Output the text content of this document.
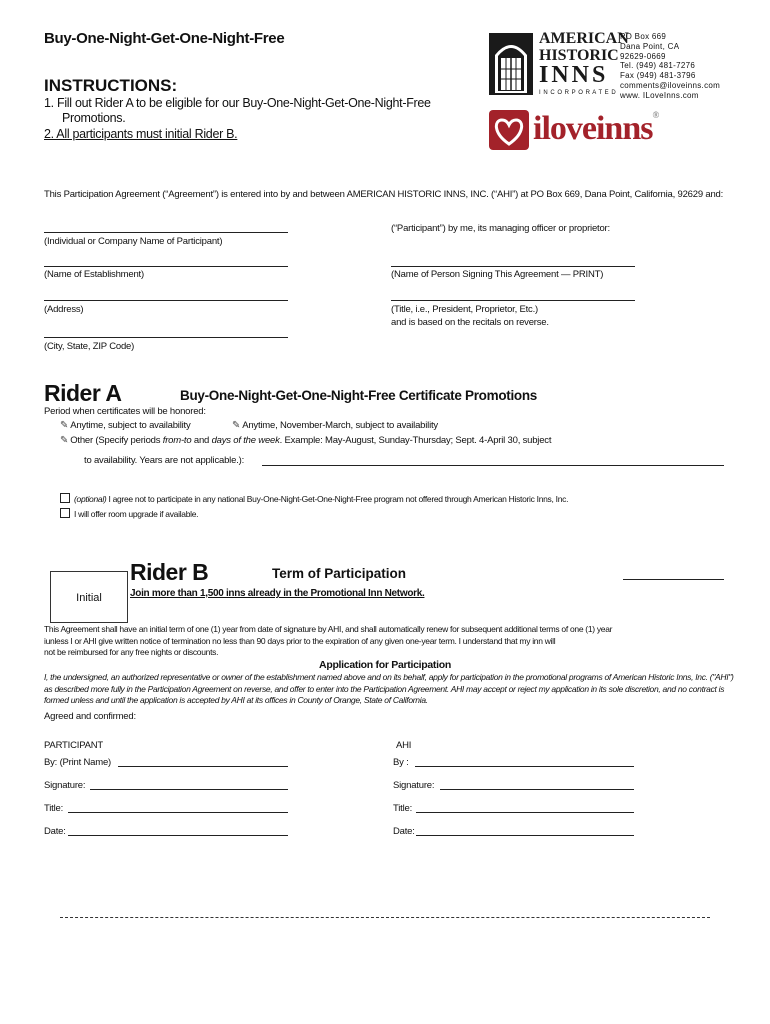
Buy-One-Night-Get-One-Night-Free
INSTRUCTIONS:
1. Fill out Rider A to be eligible for our Buy-One-Night-Get-One-Night-Free
Promotions.
2. All participants must initial Rider B.
AMERICAN
HISTORIC
INNS
I N C O R P O R A T E D
PO Box 669
Dana Point, CA
92629-0669
Tel. (949) 481-7276
Fax (949) 481-3796
comments@iloveinns.com
www. ILoveInns.com
iloveinns®
This Participation Agreement (“Agreement”) is entered into by and between AMERICAN HISTORIC INNS, INC. (“AHI”) at PO Box 669, Dana Point, California, 92629 and:
(“Participant”) by me, its managing officer or proprietor:
(Individual or Company Name of Participant)
(Name of Establishment)	(Name of Person Signing This Agreement — PRINT)
(Address)	(Title, i.e., President, Proprietor, Etc.)
and is based on the recitals on reverse.
(City, State, ZIP Code)
Rider A	Buy-One-Night-Get-One-Night-Free Certificate Promotions
Period when certificates will be honored:
✎ Anytime, subject to availability	✎ Anytime, November-March, subject to availability
✎ Other (Specify periods from-to and days of the week. Example: May-August, Sunday-Thursday; Sept. 4-April 30, subject
to availability. Years are not applicable.):
(optional) I agree not to participate in any national Buy-One-Night-Get-One-Night-Free program not offered through American Historic Inns, Inc.
I will offer room upgrade if available.
Initial
Rider B	Term of Participation
Join more than 1,500 inns already in the Promotional Inn Network.
This Agreement shall have an initial term of one (1) year from date of signature by AHI, and shall automatically renew for subsequent additional terms of one (1) year
iunless I or AHI give written notice of termination no less than 90 days prior to the expiration of any given one-year term. I understand that my inn will
not be reimbursed for any free nights or discounts.
Application for Participation
I, the undersigned, an authorized representative or owner of the establishment named above and on its behalf, apply for participation in the promotional programs of American Historic Inns, Inc. ("AHI")
as described more fully in the Participation Agreement on reverse, and offer to enter into the Participation Agreement. AHI may accept or reject my application in its sole discretion, and no contract is
formed unless and until the application is accepted by AHI at its offices in County of Orange, State of California.
Agreed and confirmed:
PARTICIPANT	AHI
By: (Print Name)	By :
Signature:	Signature:
Title:	Title:
Date:	Date:
